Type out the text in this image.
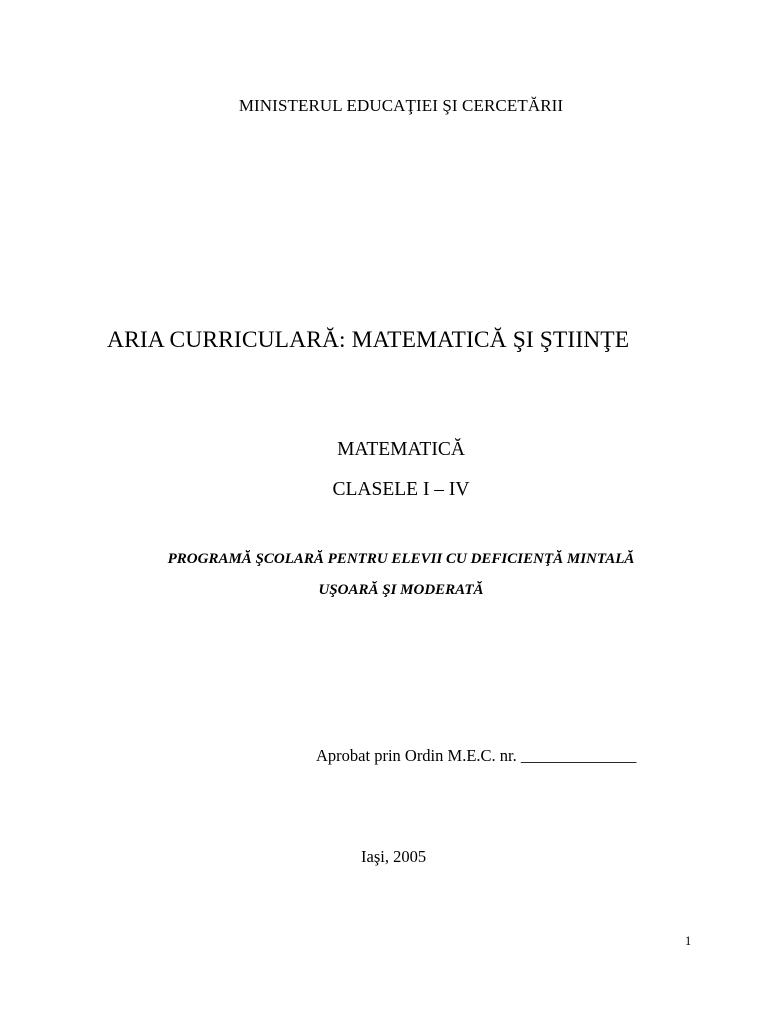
MINISTERUL EDUCAŢIEI ŞI CERCETĂRII
ARIA CURRICULARĂ: MATEMATICĂ ŞI ŞTIINŢE
MATEMATICĂ
CLASELE I – IV
PROGRAMĂ ŞCOLARĂ PENTRU ELEVII CU DEFICIENŢĂ MINTALĂ
UŞOARĂ ŞI MODERATĂ
Aprobat prin Ordin M.E.C. nr. ______________
Iaşi, 2005
1
